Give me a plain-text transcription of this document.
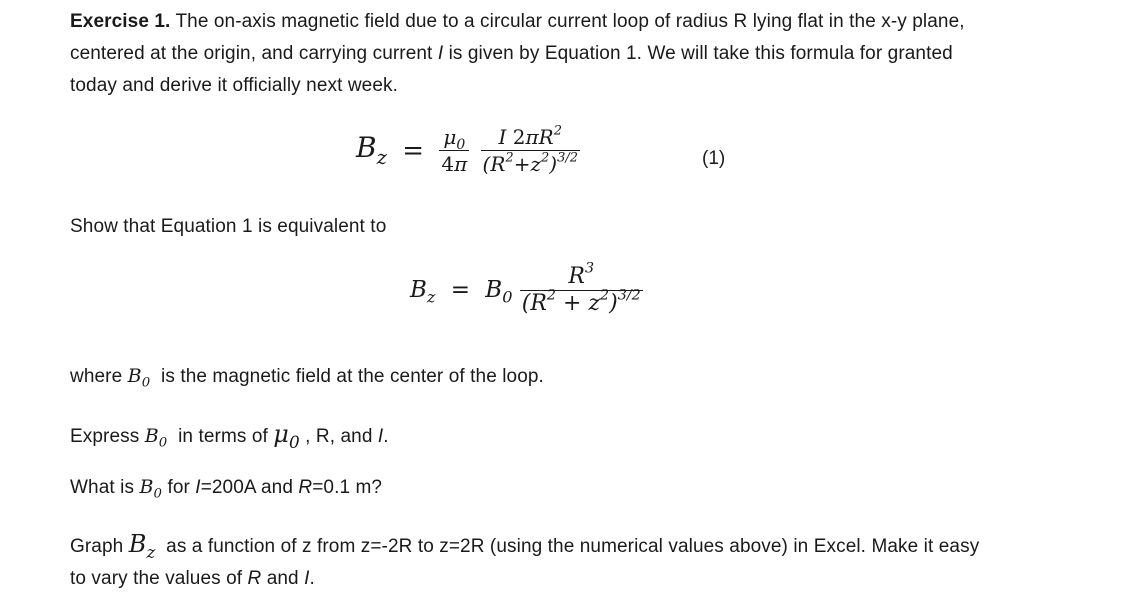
Exercise 1. The on-axis magnetic field due to a circular current loop of radius R lying flat in the x-y plane,
centered at the origin, and carrying current I is given by Equation 1. We will take this formula for granted
today and derive it officially next week.
$B_z = \frac{\mu_0}{4\pi}$
$\frac{I 2\pi R^2}{(R^2+z^2)^{3/2}}$	(1)
Show that Equation 1 is equivalent to
$B_z = B_0 \frac{R^3}{(R^2 + z^2)^{3/2}}$
where $B_0$  is the magnetic field at the center of the loop.
Express $B_0$  in terms of $\mu_0$ , R, and I.
What is $B_0$ for I=200A and R=0.1 m?
Graph $B_z$  as a function of z from z=-2R to z=2R (using the numerical values above) in Excel. Make it easy
to vary the values of R and I.
